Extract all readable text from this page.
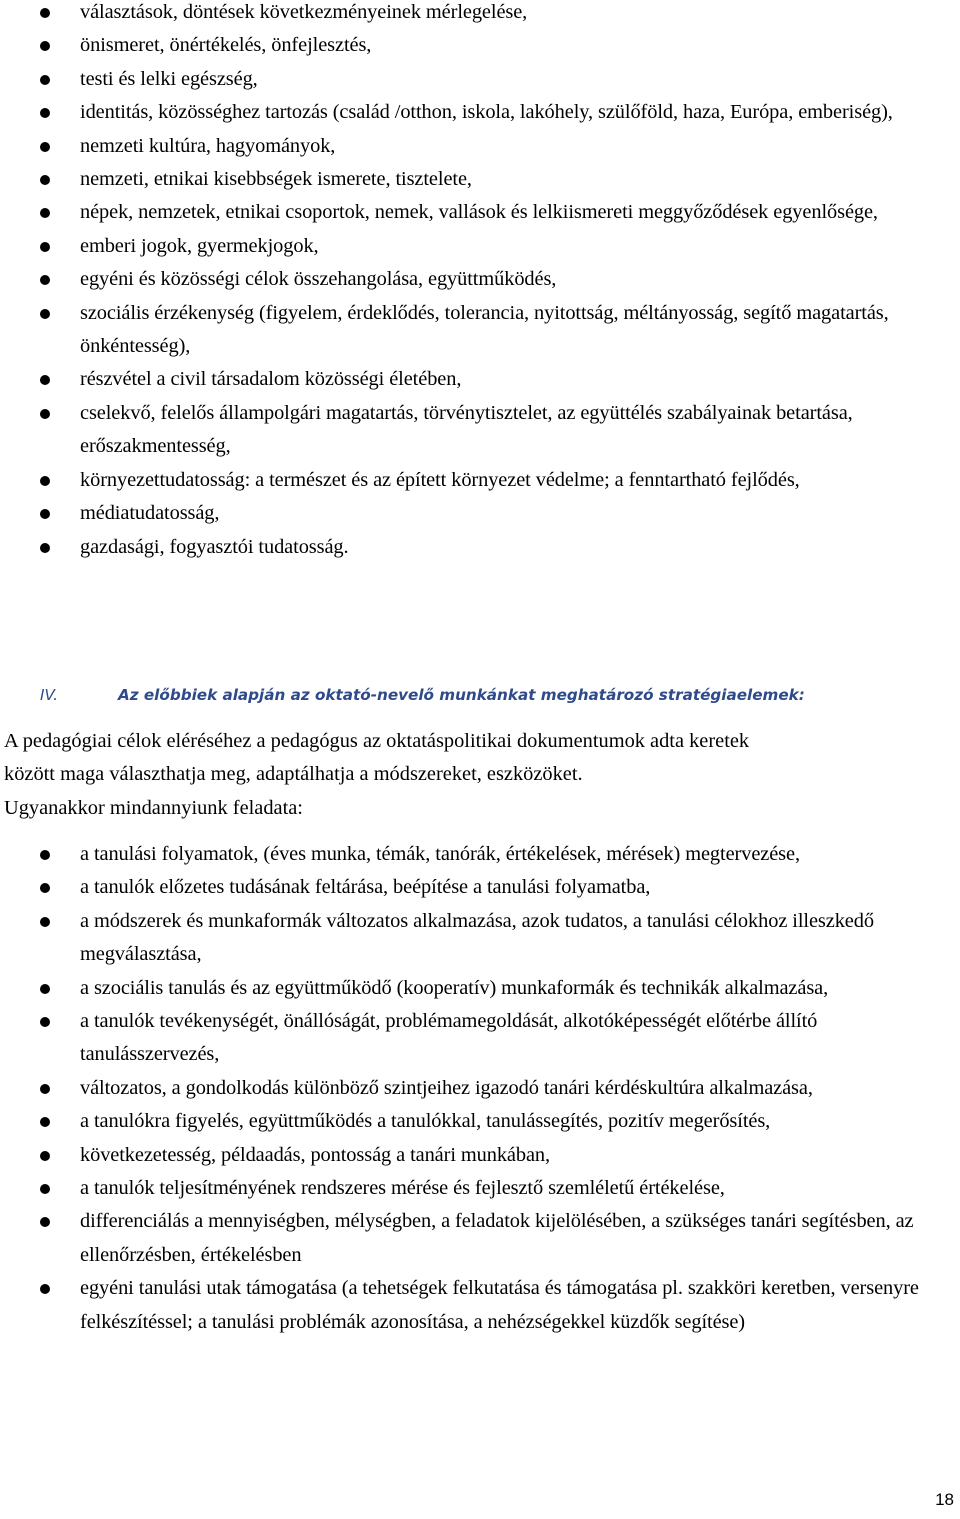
választások, döntések következményeinek mérlegelése,
önismeret, önértékelés, önfejlesztés,
testi és lelki egészség,
identitás, közösséghez tartozás (család /otthon, iskola, lakóhely, szülőföld, haza, Európa, emberiség),
nemzeti kultúra, hagyományok,
nemzeti, etnikai kisebbségek ismerete, tisztelete,
népek, nemzetek, etnikai csoportok, nemek, vallások és lelkiismereti meggyőződések egyenlősége,
emberi jogok, gyermekjogok,
egyéni és közösségi célok összehangolása, együttműködés,
szociális érzékenység (figyelem, érdeklődés, tolerancia, nyitottság, méltányosság, segítő magatartás, önkéntesség),
részvétel a civil társadalom közösségi életében,
cselekvő, felelős állampolgári magatartás, törvénytisztelet, az együttélés szabályainak betartása, erőszakmentesség,
környezettudatosság: a természet és az épített környezet védelme; a fenntartható fejlődés,
médiatudatosság,
gazdasági, fogyasztói tudatosság.
IV.	Az előbbiek alapján az oktató-nevelő munkánkat meghatározó stratégiaelemek:

A pedagógiai célok eléréséhez a pedagógus az oktatáspolitikai dokumentumok adta keretek
között maga választhatja meg, adaptálhatja a módszereket, eszközöket.
Ugyanakkor mindannyiunk feladata:

a tanulási folyamatok, (éves munka, témák, tanórák, értékelések, mérések) megtervezése,
a tanulók előzetes tudásának feltárása, beépítése a tanulási folyamatba,
a módszerek és munkaformák változatos alkalmazása, azok tudatos, a tanulási célokhoz illeszkedő megválasztása,
a szociális tanulás és az együttműködő (kooperatív) munkaformák és technikák alkalmazása,
a tanulók tevékenységét, önállóságát, problémamegoldását, alkotóképességét előtérbe állító tanulásszervezés,
változatos, a gondolkodás különböző szintjeihez igazodó tanári kérdéskultúra alkalmazása,
a tanulókra figyelés, együttműködés a tanulókkal, tanulássegítés, pozitív megerősítés,
következetesség, példaadás, pontosság a tanári munkában,
a tanulók teljesítményének rendszeres mérése és fejlesztő szemléletű értékelése,
differenciálás a mennyiségben, mélységben, a feladatok kijelölésében, a szükséges tanári segítésben, az ellenőrzésben, értékelésben
egyéni tanulási utak támogatása (a tehetségek felkutatása és támogatása pl. szakköri keretben, versenyre felkészítéssel; a tanulási problémák azonosítása, a nehézségekkel küzdők segítése)
18
